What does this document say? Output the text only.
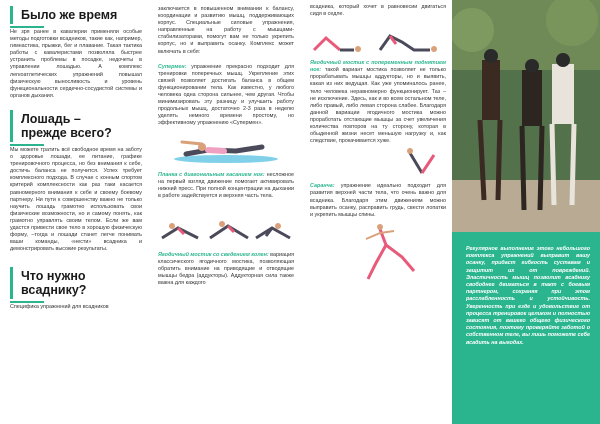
Было же время

Не зря ранее в кавалерии применяли особые методы подготовки всадников, такие как, например, гимнастика, прыжки, бег и плавание. Такая тактика работы с кавалеристами позволяла быстрее устранить проблемы в посадке, недочеты в управлении лошадью. А комплекс легкоатлетических упражнений повышал физическую выносливость и уровень функциональности сердечно-сосудистой системы и органов дыхания.

Лошадь –
прежде всего?

Мы можете тратить всё свободное время на заботу о здоровье лошади, ее питание, графике тренировочного процесса, но без внимания к себе, достичь баланса не получится. Успех требует комплексного подхода. В случае с конным спортом критерий комплексности как раз таки касается равномерного внимания к себе и своему боевому партнеру. Ни пути к совершенству важно не только научить лошадь грамотно использовать свои физические возможности, но и самому понять, как грамотно управлять своим телом. Если же вам удастся привести свое тело в хорошую физическую форму, –тогда и лошади станет легче понимать ваши команды, «нести» всадника и демонстрировать высокие результаты.

Что нужно
всаднику?

Специфика упражнений для всадников

заключается в повышенном внимании к балансу, координации и развитию мышц, поддерживающих корпус. Специальные силовые упражнения, направленные на работу с мышцами-стабилизаторами, помогут вам не только укрепить корпус, но и выправить осанку. Комплекс может включать в себя:

Супермен: упражнение прекрасно подходит для тренировки поперечных мышц. Укрепление этих связей позволяет достигать баланса в общем функционировании тела. Как известно, у любого человека одна сторона сильнее, чем другая. Чтобы минимизировать эту разницу и улучшить работу продольных мышц, достаточно 2-3 раза в неделю уделять немного времени простому, но эффективному упражнению «Супермен».

Планка с диагональным касанием ног: несложное на первый взгляд движение помогает активировать нижний пресс. При полной концентрации на дыхании в работе задействуется и верхняя часть тела.

Ягодичный мостик со сведением колен: вариация классического ягодичного мостика, позволяющая обратить внимание на приводящие и отводящие мышцы бедра (аддукторы). Аддукторная сила также важна для каждого

всадника, который хочет в равновесии двигаться сидя в седле.

Ягодичный мостик с попеременным поднятием ног: такой вариант мостика позволяет не только прорабатывать мышцы аддукторы, но и выявить, какая из них ведущая. Как уже упоминалось ранее, тело человека неравномерно функционирует. Таз – не исключение. Здесь, как и во всем остальном теле, либо правый, либо левая сторона слабее. Благодаря данной вариации ягодичного мостика можно проработать отстающие мышцы за счет увеличения количества повторов на ту сторону, которая в обыденной жизни несет меньшую нагрузку и, как следствие, прокачивается хуже.

Саранча: упражнение идеально подходит для развития верхней части тела, что очень важно для всадника. Благодаря этим движениям можно выправить осанку, расправить грудь, свести лопатки и укрепить мышцы спины.

Регулярное выполнение этого небольшого комплекса упражнений выправит вашу осанку, придаст гибкость суставам и защитит их от повреждений. Эластичность мышц позволит всаднику свободнее двигаться в такт с боевым партнером, сохраняя при этом расслабленность и устойчивость. Уверенность при езде и удовольствие от процесса тренировок целиком и полностью зависят от вашего общего физического состояния, поэтому проверяйте заботой о собственном теле, вы лишь поможете себе всадить на выгодах.
